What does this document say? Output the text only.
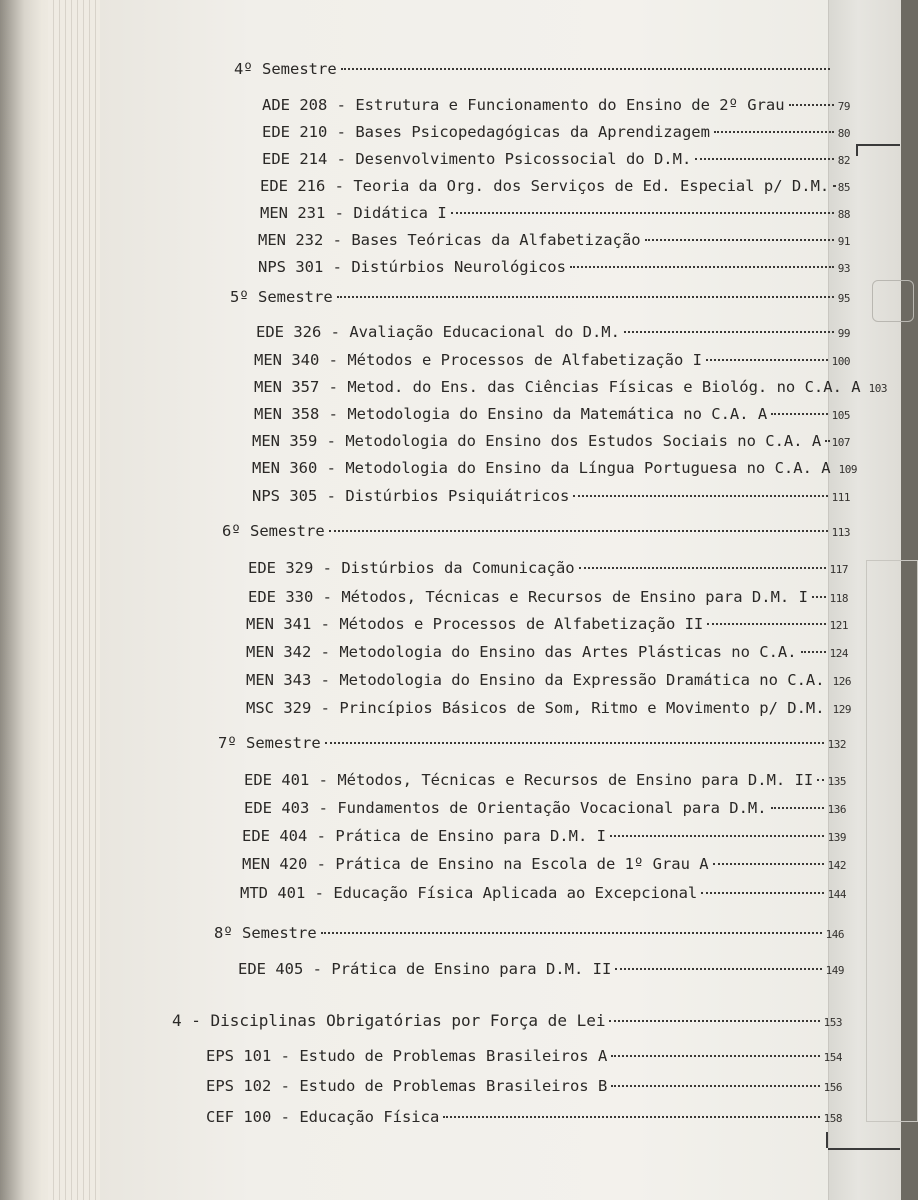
4º Semestre
ADE 208 - Estrutura e Funcionamento do Ensino de 2º Grau	79
EDE 210 - Bases Psicopedagógicas da Aprendizagem	80
EDE 214 - Desenvolvimento Psicossocial do D.M.	82
EDE 216 - Teoria da Org. dos Serviços de Ed. Especial p/ D.M. 85
MEN 231 - Didática I	88
MEN 232 - Bases Teóricas da Alfabetização	91
NPS 301 - Distúrbios Neurológicos	93
5º Semestre	95
EDE 326 - Avaliação Educacional do D.M.	99
MEN 340 - Métodos e Processos de Alfabetização I	100
MEN 357 - Metod. do Ens. das Ciências Físicas e Biológ. no C.A. A 103
MEN 358 - Metodologia do Ensino da Matemática no C.A. A	105
MEN 359 - Metodologia do Ensino dos Estudos Sociais no C.A. A 107
MEN 360 - Metodologia do Ensino da Língua Portuguesa no C.A. A 109
NPS 305 - Distúrbios Psiquiátricos	111
6º Semestre	113
EDE 329 - Distúrbios da Comunicação	117
EDE 330 - Métodos, Técnicas e Recursos de Ensino para D.M. I 118
MEN 341 - Métodos e Processos de Alfabetização II	121
MEN 342 - Metodologia do Ensino das Artes Plásticas no C.A.	124
MEN 343 - Metodologia do Ensino da Expressão Dramática no C.A. 126
MSC 329 - Princípios Básicos de Som, Ritmo e Movimento p/ D.M. 129
7º Semestre	132
EDE 401 - Métodos, Técnicas e Recursos de Ensino para D.M. II 135
EDE 403 - Fundamentos de Orientação Vocacional para D.M.	136
EDE 404 - Prática de Ensino para D.M. I	139
MEN 420 - Prática de Ensino na Escola de 1º Grau A	142
MTD 401 - Educação Física Aplicada ao Excepcional	144
8º Semestre	146
EDE 405 - Prática de Ensino para D.M. II	149
4 - Disciplinas Obrigatórias por Força de Lei	153
EPS 101 - Estudo de Problemas Brasileiros A	154
EPS 102 - Estudo de Problemas Brasileiros B	156
CEF 100 - Educação Física	158
